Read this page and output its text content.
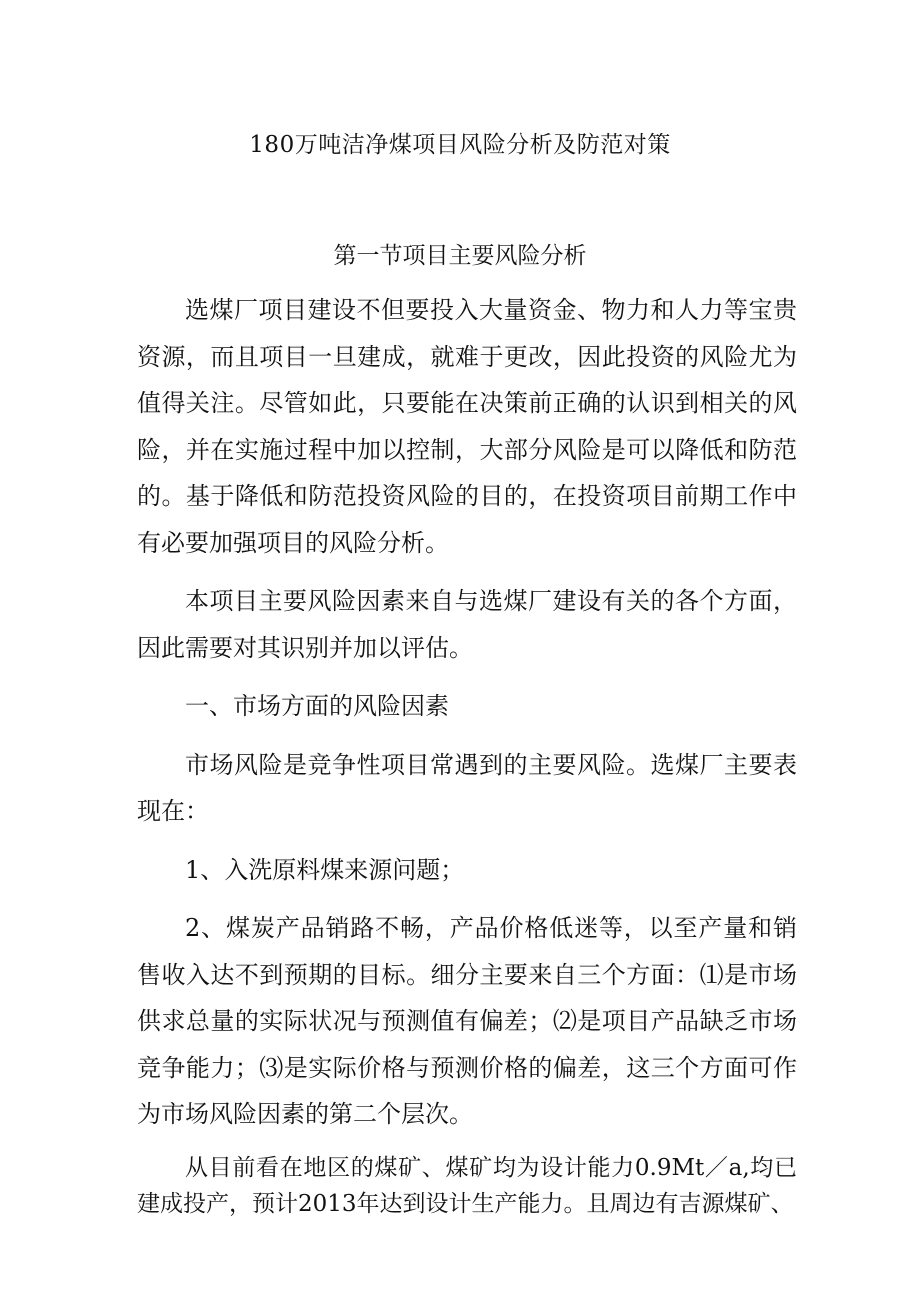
180万吨洁净煤项目风险分析及防范对策
第一节项目主要风险分析

选煤厂项目建设不但要投入大量资金、物力和人力等宝贵资源，而且项目一旦建成，就难于更改，因此投资的风险尤为值得关注。尽管如此，只要能在决策前正确的认识到相关的风险，并在实施过程中加以控制，大部分风险是可以降低和防范的。基于降低和防范投资风险的目的，在投资项目前期工作中有必要加强项目的风险分析。

本项目主要风险因素来自与选煤厂建设有关的各个方面，因此需要对其识别并加以评估。

一、市场方面的风险因素

市场风险是竞争性项目常遇到的主要风险。选煤厂主要表现在：

1、入洗原料煤来源问题；

2、煤炭产品销路不畅，产品价格低迷等，以至产量和销售收入达不到预期的目标。细分主要来自三个方面：⑴是市场供求总量的实际状况与预测值有偏差；⑵是项目产品缺乏市场竞争能力；⑶是实际价格与预测价格的偏差，这三个方面可作为市场风险因素的第二个层次。

从目前看在地区的煤矿、煤矿均为设计能力0.9Mt／a,均已建成投产，预计2013年达到设计生产能力。且周边有吉源煤矿、
